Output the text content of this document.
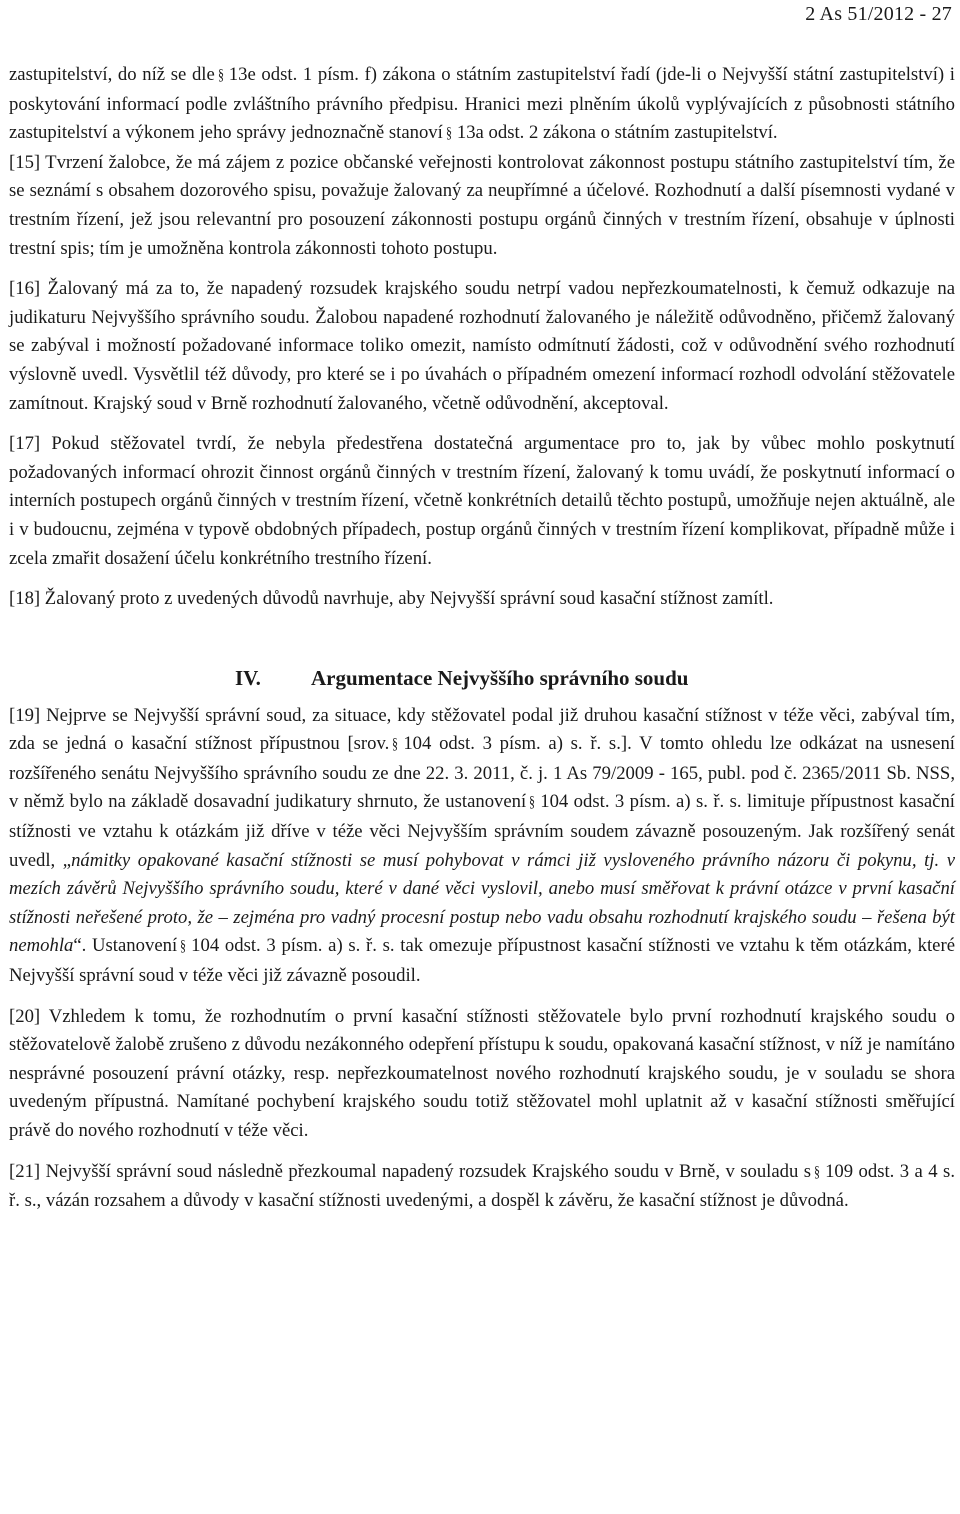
2 As 51/2012 - 27

zastupitelství, do níž se dle § 13e odst. 1 písm. f) zákona o státním zastupitelství řadí (jde-li o Nejvyšší státní zastupitelství) i poskytování informací podle zvláštního právního předpisu. Hranici mezi plněním úkolů vyplývajících z působnosti státního zastupitelství a výkonem jeho správy jednoznačně stanoví § 13a odst. 2 zákona o státním zastupitelství.

[15] Tvrzení žalobce, že má zájem z pozice občanské veřejnosti kontrolovat zákonnost postupu státního zastupitelství tím, že se seznámí s obsahem dozorového spisu, považuje žalovaný za neupřímné a účelové. Rozhodnutí a další písemnosti vydané v trestním řízení, jež jsou relevantní pro posouzení zákonnosti postupu orgánů činných v trestním řízení, obsahuje v úplnosti trestní spis; tím je umožněna kontrola zákonnosti tohoto postupu.

[16] Žalovaný má za to, že napadený rozsudek krajského soudu netrpí vadou nepřezkoumatelnosti, k čemuž odkazuje na judikaturu Nejvyššího správního soudu. Žalobou napadené rozhodnutí žalovaného je náležitě odůvodněno, přičemž žalovaný se zabýval i možností požadované informace toliko omezit, namísto odmítnutí žádosti, což v odůvodnění svého rozhodnutí výslovně uvedl. Vysvětlil též důvody, pro které se i po úvahách o případném omezení informací rozhodl odvolání stěžovatele zamítnout. Krajský soud v Brně rozhodnutí žalovaného, včetně odůvodnění, akceptoval.

[17] Pokud stěžovatel tvrdí, že nebyla předestřena dostatečná argumentace pro to, jak by vůbec mohlo poskytnutí požadovaných informací ohrozit činnost orgánů činných v trestním řízení, žalovaný k tomu uvádí, že poskytnutí informací o interních postupech orgánů činných v trestním řízení, včetně konkrétních detailů těchto postupů, umožňuje nejen aktuálně, ale i v budoucnu, zejména v typově obdobných případech, postup orgánů činných v trestním řízení komplikovat, případně může i zcela zmařit dosažení účelu konkrétního trestního řízení.

[18] Žalovaný proto z uvedených důvodů navrhuje, aby Nejvyšší správní soud kasační stížnost zamítl.

IV. Argumentace Nejvyššího správního soudu

[19] Nejprve se Nejvyšší správní soud, za situace, kdy stěžovatel podal již druhou kasační stížnost v téže věci, zabýval tím, zda se jedná o kasační stížnost přípustnou [srov. § 104 odst. 3 písm. a) s. ř. s.]. V tomto ohledu lze odkázat na usnesení rozšířeného senátu Nejvyššího správního soudu ze dne 22. 3. 2011, č. j. 1 As 79/2009 - 165, publ. pod č. 2365/2011 Sb. NSS, v němž bylo na základě dosavadní judikatury shrnuto, že ustanovení § 104 odst. 3 písm. a) s. ř. s. limituje přípustnost kasační stížnosti ve vztahu k otázkám již dříve v téže věci Nejvyšším správním soudem závazně posouzeným. Jak rozšířený senát uvedl, „námitky opakované kasační stížnosti se musí pohybovat v rámci již vysloveného právního názoru či pokynu, tj. v mezích závěrů Nejvyššího správního soudu, které v dané věci vyslovil, anebo musí směřovat k právní otázce v první kasační stížnosti neřešené proto, že – zejména pro vadný procesní postup nebo vadu obsahu rozhodnutí krajského soudu – řešena být nemohla“. Ustanovení § 104 odst. 3 písm. a) s. ř. s. tak omezuje přípustnost kasační stížnosti ve vztahu k těm otázkám, které Nejvyšší správní soud v téže věci již závazně posoudil.

[20] Vzhledem k tomu, že rozhodnutím o první kasační stížnosti stěžovatele bylo první rozhodnutí krajského soudu o stěžovatelově žalobě zrušeno z důvodu nezákonného odepření přístupu k soudu, opakovaná kasační stížnost, v níž je namítáno nesprávné posouzení právní otázky, resp. nepřezkoumatelnost nového rozhodnutí krajského soudu, je v souladu se shora uvedeným přípustná. Namítané pochybení krajského soudu totiž stěžovatel mohl uplatnit až v kasační stížnosti směřující právě do nového rozhodnutí v téže věci.

[21] Nejvyšší správní soud následně přezkoumal napadený rozsudek Krajského soudu v Brně, v souladu s § 109 odst. 3 a 4 s. ř. s., vázán rozsahem a důvody v kasační stížnosti uvedenými, a dospěl k závěru, že kasační stížnost je důvodná.
